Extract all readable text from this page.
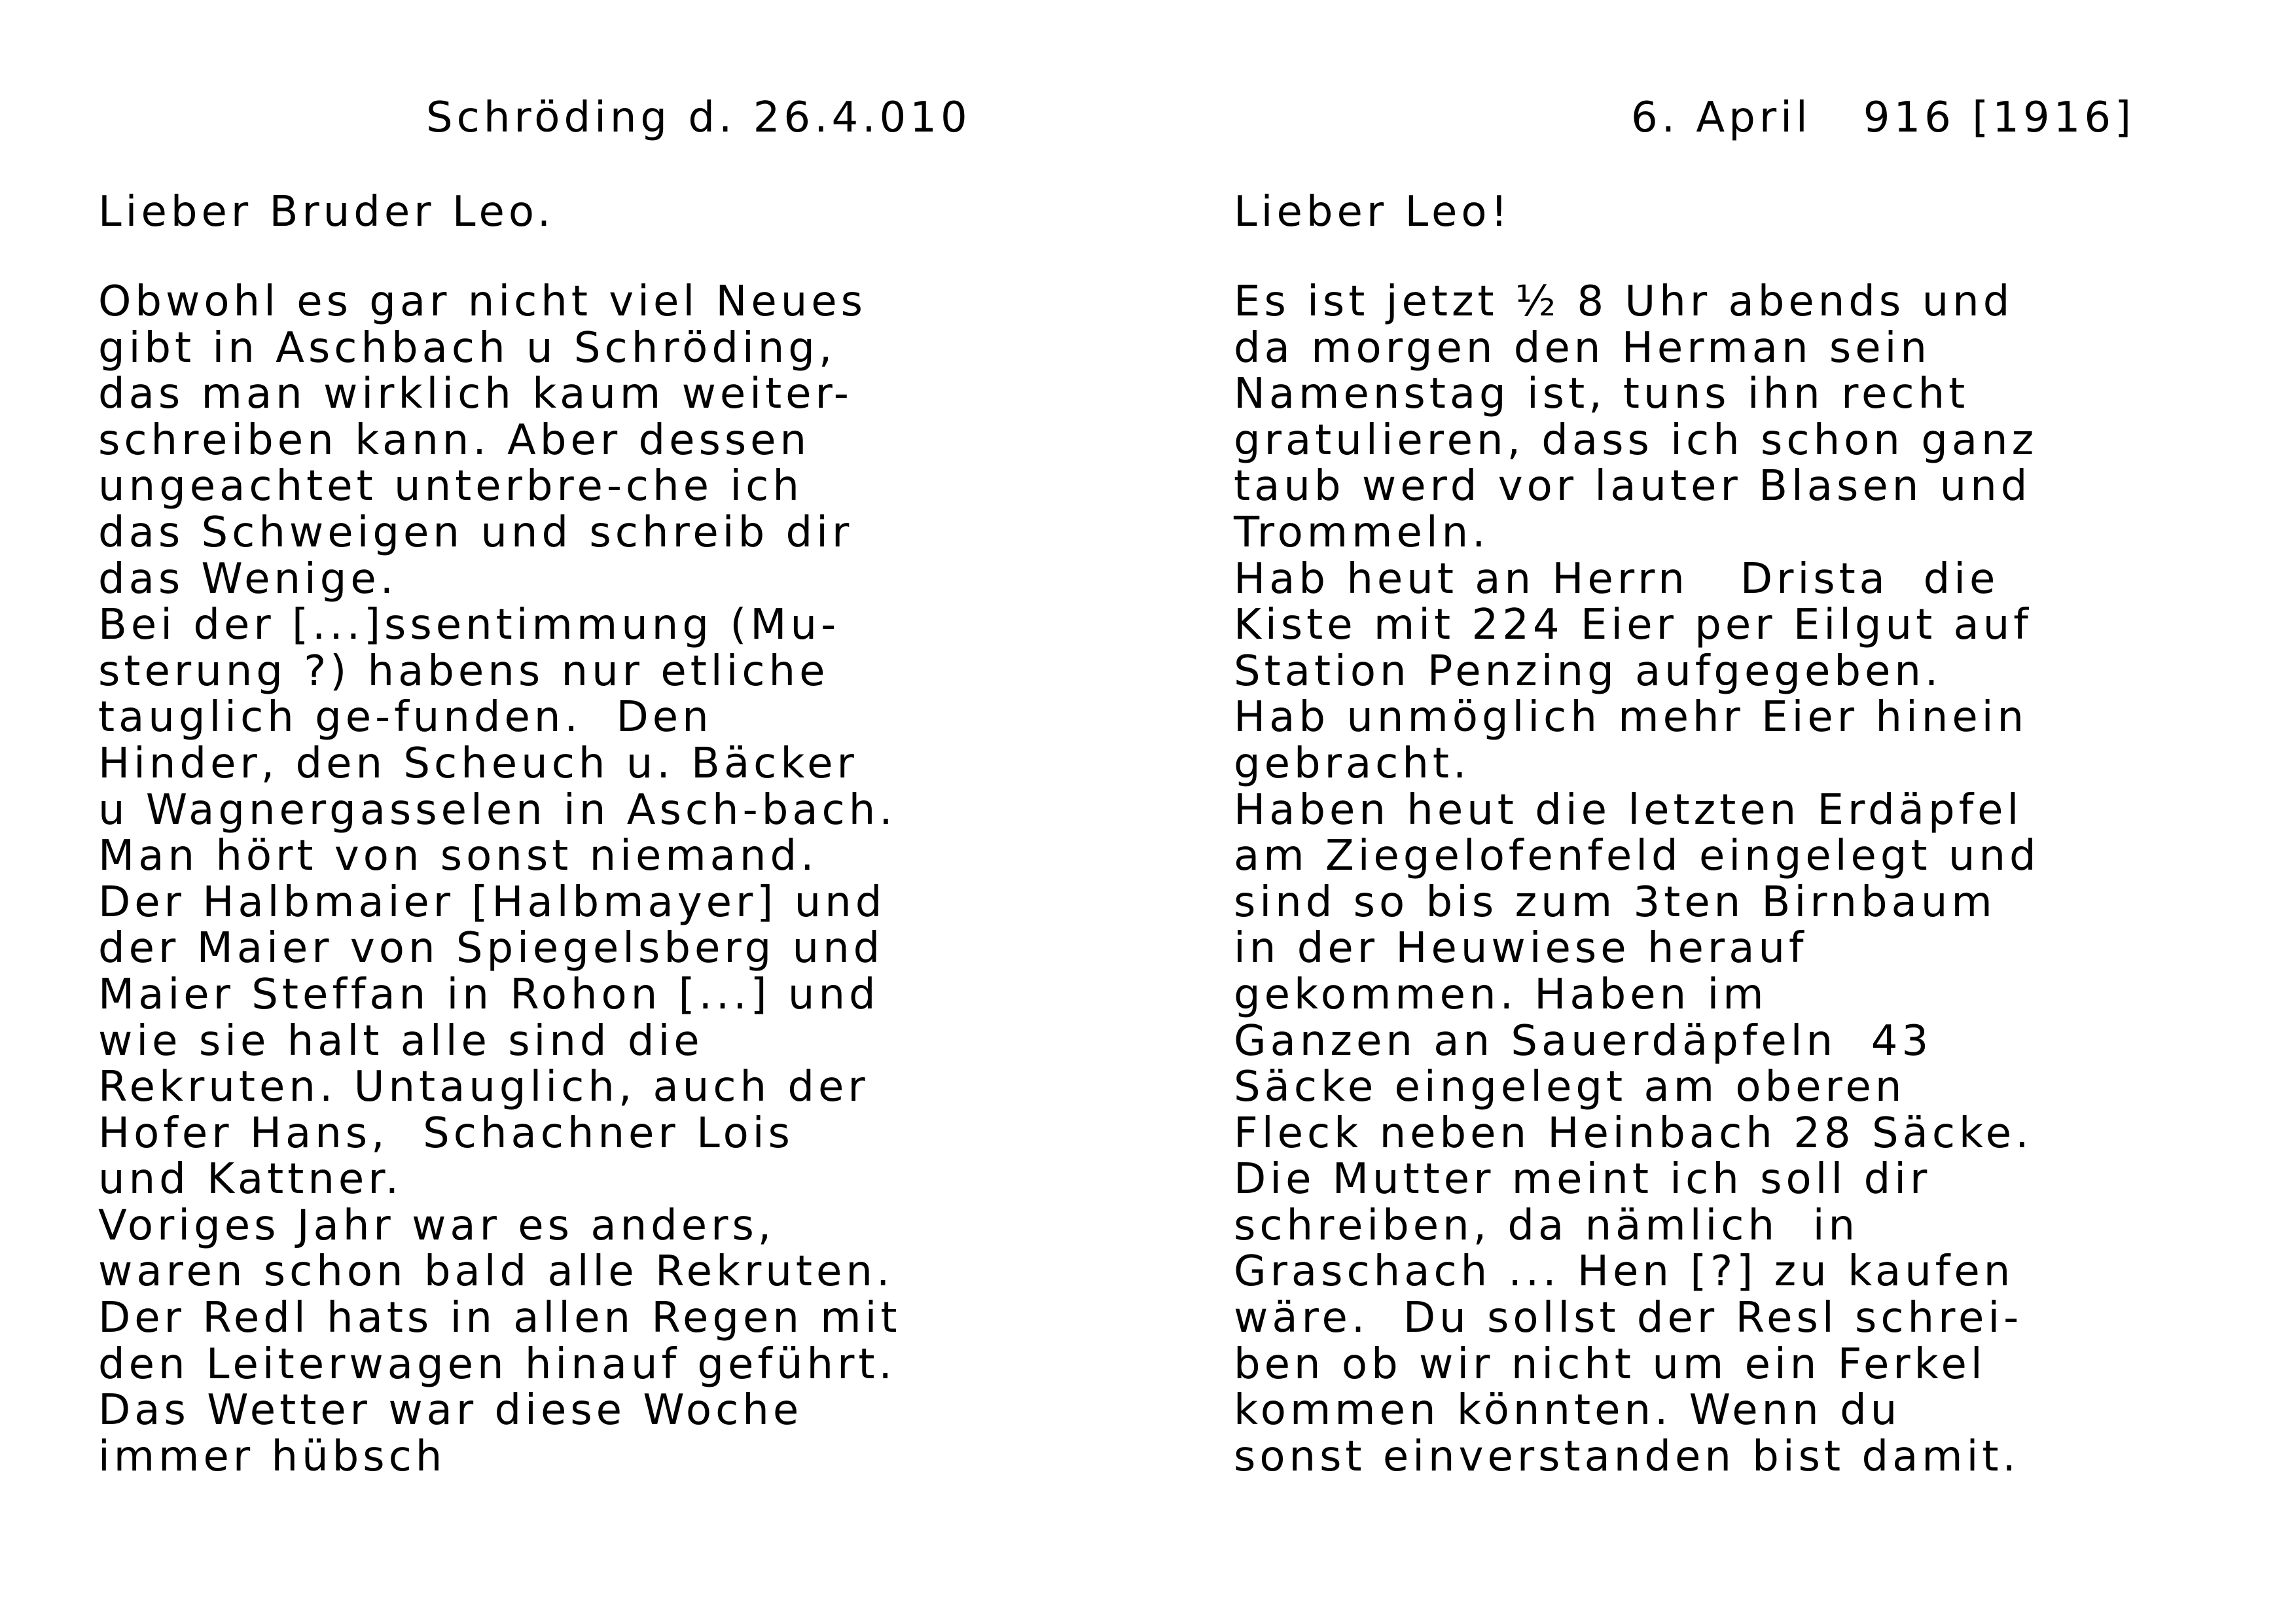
Schröding d. 26.4.010
Lieber Bruder Leo.
Obwohl es gar nicht viel Neues
gibt in Aschbach u Schröding,
das man wirklich kaum weiter-
schreiben kann. Aber dessen
ungeachtet unterbre-che ich
das Schweigen und schreib dir
das Wenige.
Bei der [...]ssentimmung (Mu-
sterung ?) habens nur etliche
tauglich ge-funden.  Den
Hinder, den Scheuch u. Bäcker
u Wagnergasselen in Asch-bach.
Man hört von sonst niemand.
Der Halbmaier [Halbmayer] und
der Maier von Spiegelsberg und
Maier Steffan in Rohon [...] und
wie sie halt alle sind die
Rekruten. Untauglich, auch der
Hofer Hans,  Schachner Lois
und Kattner.
Voriges Jahr war es anders,
waren schon bald alle Rekruten.
Der Redl hats in allen Regen mit
den Leiterwagen hinauf geführt.
Das Wetter war diese Woche
immer hübsch
6. April   916 [1916]
Lieber Leo!
Es ist jetzt ½ 8 Uhr abends und
da morgen den Herman sein
Namenstag ist, tuns ihn recht
gratulieren, dass ich schon ganz
taub werd vor lauter Blasen und
Trommeln.
Hab heut an Herrn   Drista  die
Kiste mit 224 Eier per Eilgut auf
Station Penzing aufgegeben.
Hab unmöglich mehr Eier hinein
gebracht.
Haben heut die letzten Erdäpfel
am Ziegelofenfeld eingelegt und
sind so bis zum 3ten Birnbaum
in der Heuwiese herauf
gekommen. Haben im
Ganzen an Sauerdäpfeln  43
Säcke eingelegt am oberen
Fleck neben Heinbach 28 Säcke.
Die Mutter meint ich soll dir
schreiben, da nämlich  in
Graschach ... Hen [?] zu kaufen
wäre.  Du sollst der Resl schrei-
ben ob wir nicht um ein Ferkel
kommen könnten. Wenn du
sonst einverstanden bist damit.
